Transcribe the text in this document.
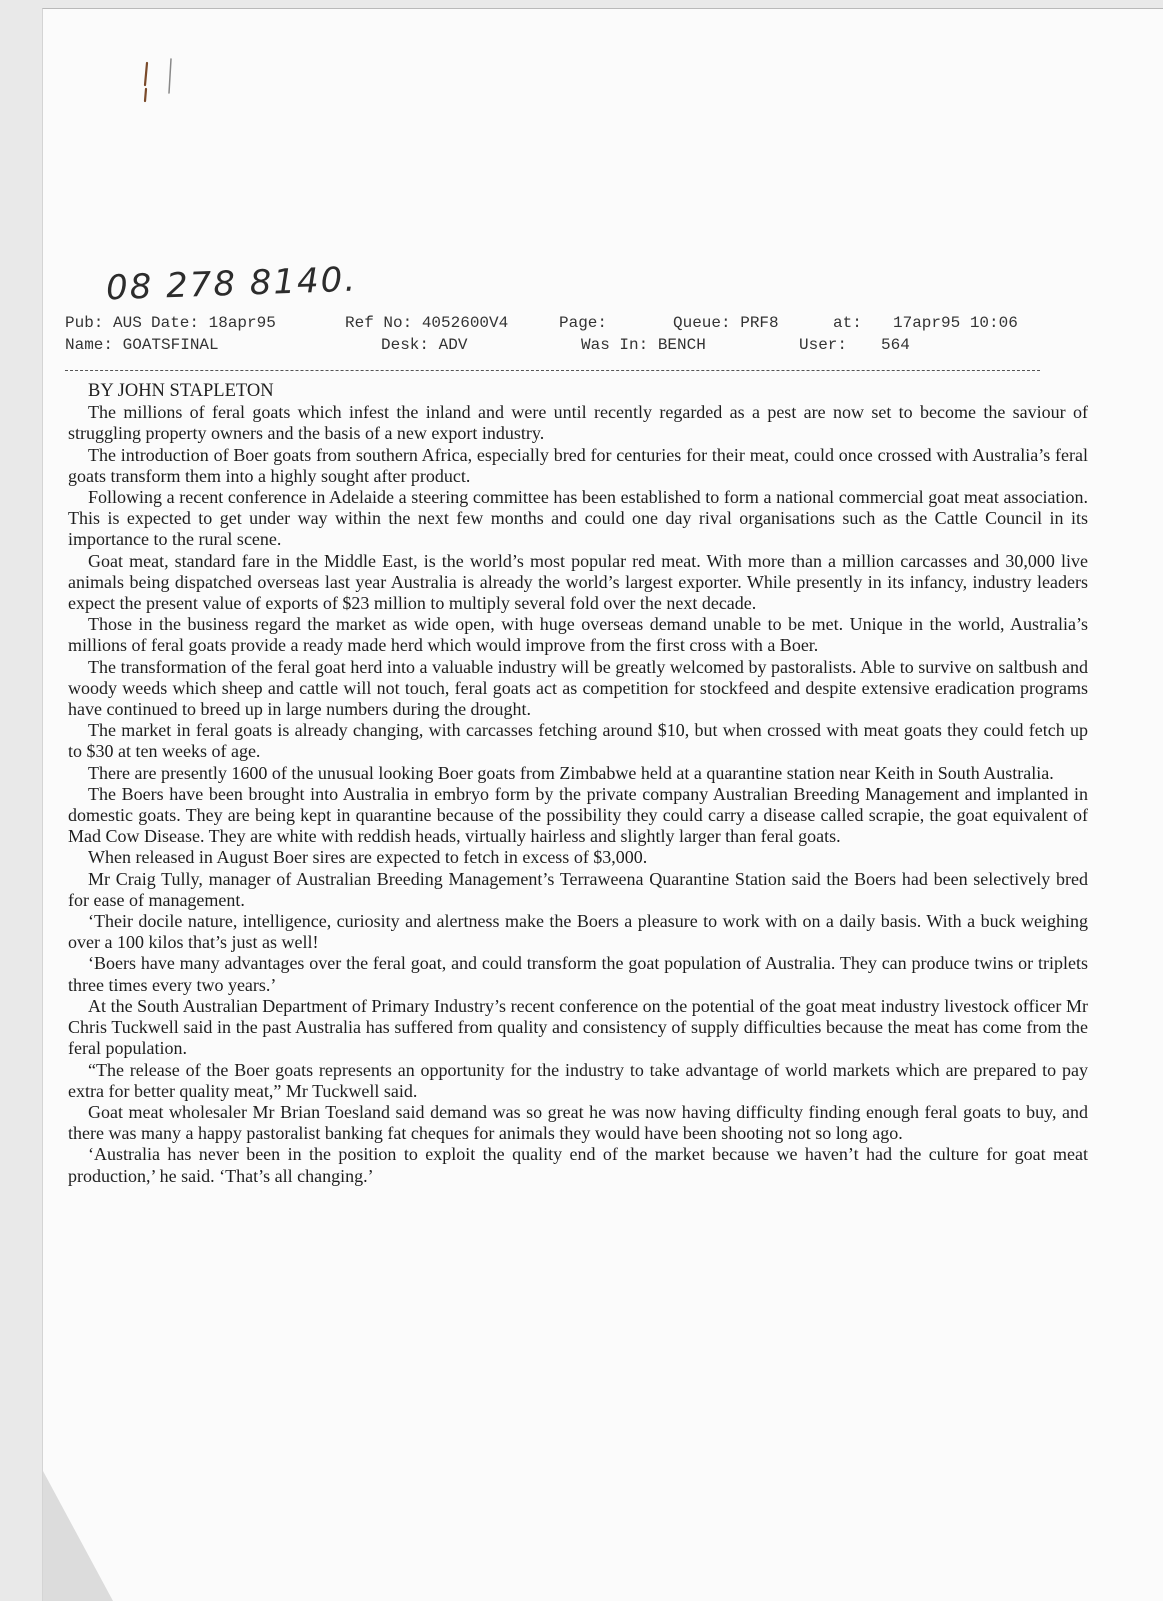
08 278 8140.
Pub: AUS Date: 18apr95	Ref No: 4052600V4	Page:	Queue: PRF8	at: 17apr95 10:06
Name: GOATSFINAL	Desk: ADV	Was In: BENCH	User: 564
BY JOHN STAPLETON

The millions of feral goats which infest the inland and were until recently regarded as a pest are now set to become the saviour of struggling property owners and the basis of a new export industry.

The introduction of Boer goats from southern Africa, especially bred for centuries for their meat, could once crossed with Australia’s feral goats transform them into a highly sought after product.

Following a recent conference in Adelaide a steering committee has been established to form a national commercial goat meat association. This is expected to get under way within the next few months and could one day rival organisations such as the Cattle Council in its importance to the rural scene.

Goat meat, standard fare in the Middle East, is the world’s most popular red meat. With more than a million carcasses and 30,000 live animals being dispatched overseas last year Australia is already the world’s largest exporter. While presently in its infancy, industry leaders expect the present value of exports of $23 million to multiply several fold over the next decade.

Those in the business regard the market as wide open, with huge overseas demand unable to be met. Unique in the world, Australia’s millions of feral goats provide a ready made herd which would improve from the first cross with a Boer.

The transformation of the feral goat herd into a valuable industry will be greatly welcomed by pastoralists. Able to survive on saltbush and woody weeds which sheep and cattle will not touch, feral goats act as competition for stockfeed and despite extensive eradication programs have continued to breed up in large numbers during the drought.

The market in feral goats is already changing, with carcasses fetching around $10, but when crossed with meat goats they could fetch up to $30 at ten weeks of age.

There are presently 1600 of the unusual looking Boer goats from Zimbabwe held at a quarantine station near Keith in South Australia.

The Boers have been brought into Australia in embryo form by the private company Australian Breeding Management and implanted in domestic goats. They are being kept in quarantine because of the possibility they could carry a disease called scrapie, the goat equivalent of Mad Cow Disease. They are white with reddish heads, virtually hairless and slightly larger than feral goats.

When released in August Boer sires are expected to fetch in excess of $3,000.

Mr Craig Tully, manager of Australian Breeding Management’s Terraweena Quarantine Station said the Boers had been selectively bred for ease of management.

‘Their docile nature, intelligence, curiosity and alertness make the Boers a pleasure to work with on a daily basis. With a buck weighing over a 100 kilos that’s just as well!

‘Boers have many advantages over the feral goat, and could transform the goat population of Australia. They can produce twins or triplets three times every two years.’

At the South Australian Department of Primary Industry’s recent conference on the potential of the goat meat industry livestock officer Mr Chris Tuckwell said in the past Australia has suffered from quality and consistency of supply difficulties because the meat has come from the feral population.

“The release of the Boer goats represents an opportunity for the industry to take advantage of world markets which are prepared to pay extra for better quality meat,” Mr Tuckwell said.

Goat meat wholesaler Mr Brian Toesland said demand was so great he was now having difficulty finding enough feral goats to buy, and there was many a happy pastoralist banking fat cheques for animals they would have been shooting not so long ago.

‘Australia has never been in the position to exploit the quality end of the market because we haven’t had the culture for goat meat production,’ he said. ‘That’s all changing.’
